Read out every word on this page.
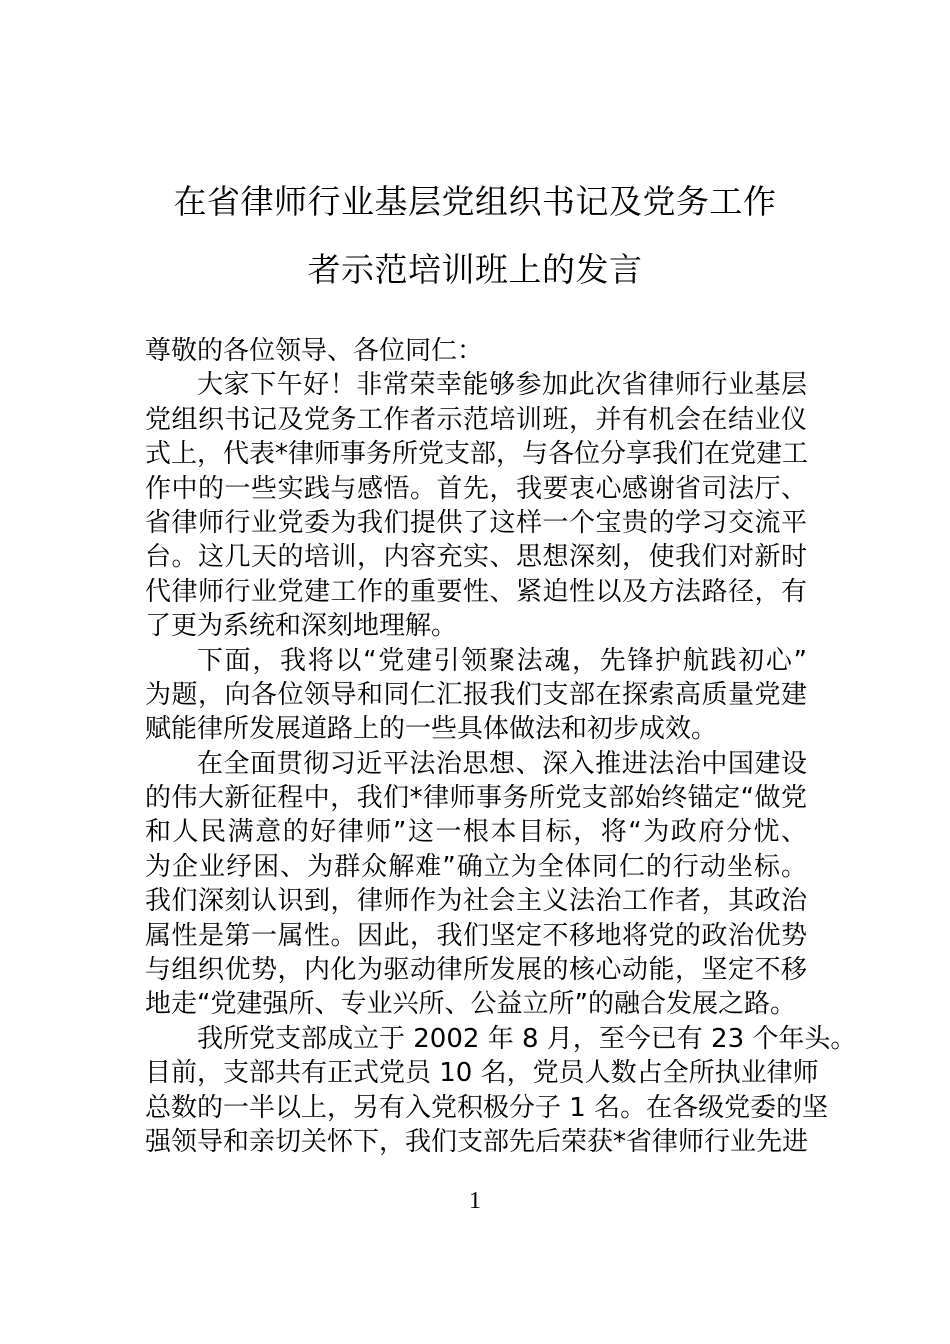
在省律师行业基层党组织书记及党务工作
者示范培训班上的发言
尊敬的各位领导、各位同仁：
大家下午好！非常荣幸能够参加此次省律师行业基层
党组织书记及党务工作者示范培训班，并有机会在结业仪
式上，代表*律师事务所党支部，与各位分享我们在党建工
作中的一些实践与感悟。首先，我要衷心感谢省司法厅、
省律师行业党委为我们提供了这样一个宝贵的学习交流平
台。这几天的培训，内容充实、思想深刻，使我们对新时
代律师行业党建工作的重要性、紧迫性以及方法路径，有
了更为系统和深刻地理解。
下面，我将以“党建引领聚法魂，先锋护航践初心”
为题，向各位领导和同仁汇报我们支部在探索高质量党建
赋能律所发展道路上的一些具体做法和初步成效。
在全面贯彻习近平法治思想、深入推进法治中国建设
的伟大新征程中，我们*律师事务所党支部始终锚定“做党
和人民满意的好律师”这一根本目标，将“为政府分忧、
为企业纾困、为群众解难”确立为全体同仁的行动坐标。
我们深刻认识到，律师作为社会主义法治工作者，其政治
属性是第一属性。因此，我们坚定不移地将党的政治优势
与组织优势，内化为驱动律所发展的核心动能，坚定不移
地走“党建强所、专业兴所、公益立所”的融合发展之路。
我所党支部成立于 2002 年 8 月，至今已有 23 个年头。
目前，支部共有正式党员 10 名，党员人数占全所执业律师
总数的一半以上，另有入党积极分子 1 名。在各级党委的坚
强领导和亲切关怀下，我们支部先后荣获*省律师行业先进
1
